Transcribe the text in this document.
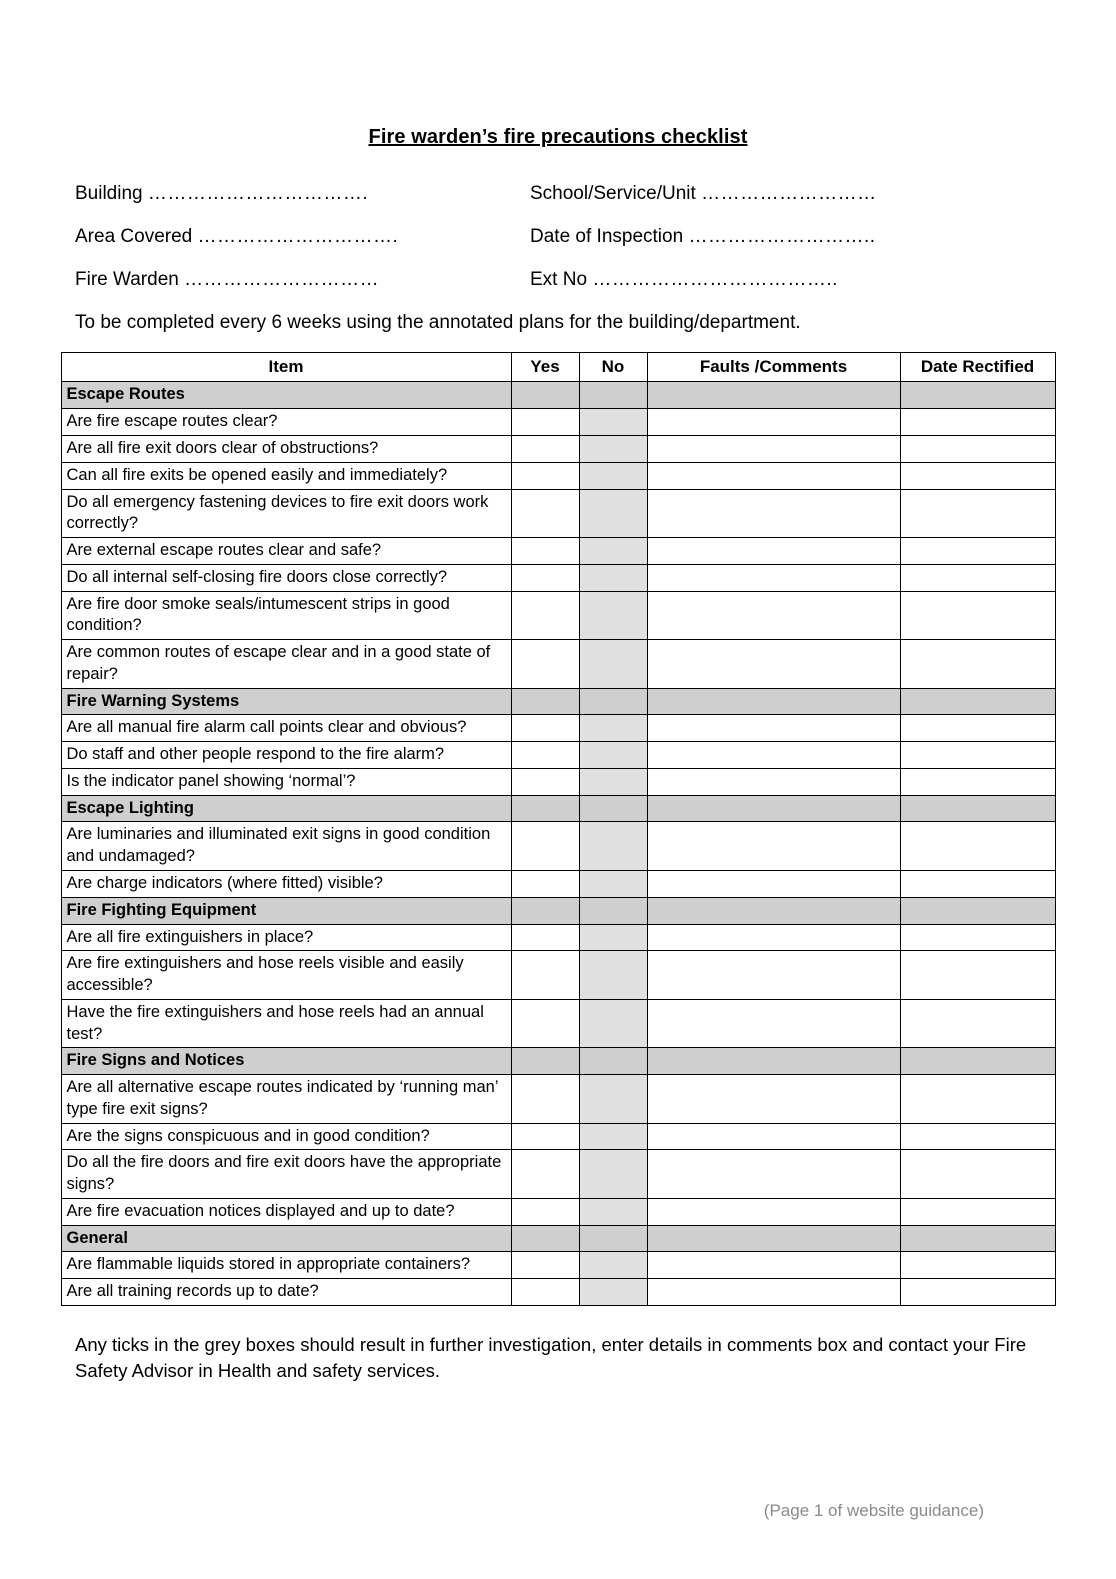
Fire warden’s fire precautions checklist
Building …………………………….	School/Service/Unit ………………………
Area Covered ………………………….	Date of Inspection ………………………..
Fire Warden …………………………	Ext No ………………………………..
To be completed every 6 weeks using the annotated plans for the building/department.
Item	Yes	No	Faults /Comments	Date Rectified
Escape Routes				
Are fire escape routes clear?				
Are all fire exit doors clear of obstructions?				
Can all fire exits be opened easily and immediately?				
Do all emergency fastening devices to fire exit doors work correctly?				
Are external escape routes clear and safe?				
Do all internal self-closing fire doors close correctly?				
Are fire door smoke seals/intumescent strips in good condition?				
Are common routes of escape clear and in a good state of repair?				
Fire Warning Systems				
Are all manual fire alarm call points clear and obvious?				
Do staff and other people respond to the fire alarm?				
Is the indicator panel showing ‘normal’?				
Escape Lighting				
Are luminaries and illuminated exit signs in good condition and undamaged?				
Are charge indicators (where fitted) visible?				
Fire Fighting Equipment				
Are all fire extinguishers in place?				
Are fire extinguishers and hose reels visible and easily accessible?				
Have the fire extinguishers and hose reels had an annual test?				
Fire Signs and Notices				
Are all alternative escape routes indicated by ‘running man’ type fire exit signs?				
Are the signs conspicuous and in good condition?				
Do all the fire doors and fire exit doors have the appropriate signs?				
Are fire evacuation notices displayed and up to date?				
General				
Are flammable liquids stored in appropriate containers?				
Are all training records up to date?				
Any ticks in the grey boxes should result in further investigation, enter details in comments box and contact your Fire Safety Advisor in Health and safety services.
(Page 1 of website guidance)
